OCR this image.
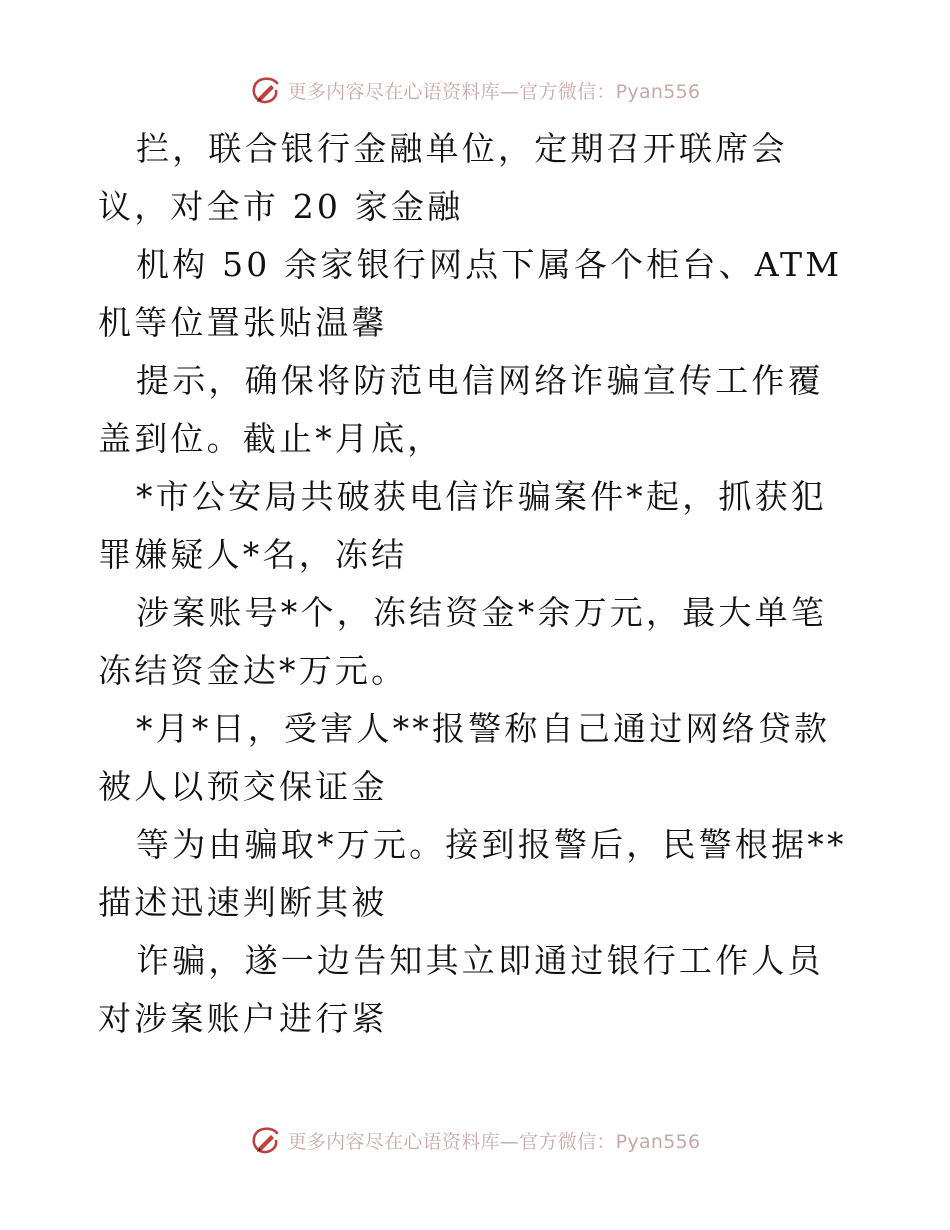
更多内容尽在心语资料库—官方微信：Pyan556

拦，联合银行金融单位，定期召开联席会议，对全市 20 家金融

机构 50 余家银行网点下属各个柜台、ATM 机等位置张贴温馨

提示，确保将防范电信网络诈骗宣传工作覆盖到位。截止*月底，

*市公安局共破获电信诈骗案件*起，抓获犯罪嫌疑人*名，冻结

涉案账号*个，冻结资金*余万元，最大单笔冻结资金达*万元。

*月*日，受害人**报警称自己通过网络贷款被人以预交保证金

等为由骗取*万元。接到报警后，民警根据**描述迅速判断其被

诈骗，遂一边告知其立即通过银行工作人员对涉案账户进行紧

更多内容尽在心语资料库—官方微信：Pyan556
